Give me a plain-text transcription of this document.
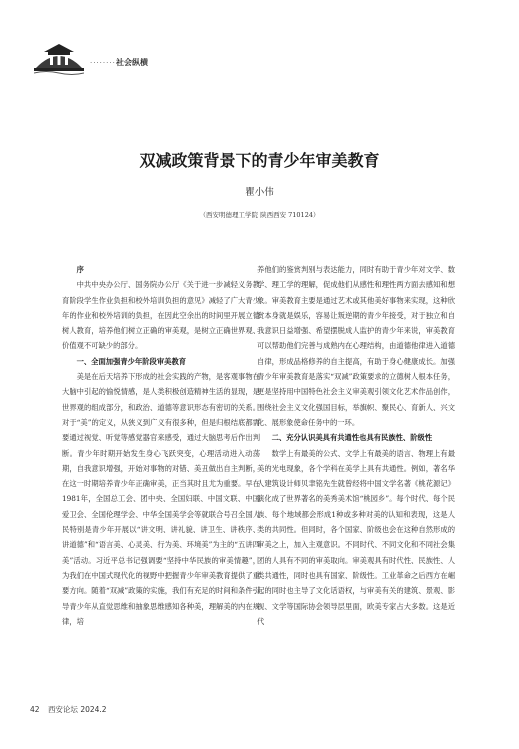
··········
社会纵横
双减政策背景下的青少年审美教育
瞿小伟
（西安明德理工学院 陕西西安 710124）

序

中共中央办公厅、国务院办公厅《关于进一步减轻义务教育阶段学生作业负担和校外培训负担的意见》减轻了广大青少年的作业和校外培训的负担，在因此空余出的时间里开展立德树人教育，培养他们树立正确的审美观，是树立正确世界观、价值观不可缺少的部分。

一、全面加强青少年阶段审美教育

美是在后天培养下形成的社会实践的产物，是客观事物在大脑中引起的愉悦情感，是人类积极创造精神生活的显现，是世界观的组成部分，和政治、道德等意识形态有密切的关系。对于“美”的定义，从狭义到广义有很多种，但是归根结底都需要通过视觉、听觉等感觉器官来感受，通过大脑思考后作出判断。青少年时期开始发生身心飞跃突变，心理活动进入动荡期，自我意识增强，开始对事物的对错、美丑做出自主判断，在这一时期培养青少年正确审美，正当其时且尤为重要。早在1981年，全国总工会、团中央、全国妇联、中国文联、中国爱卫会、全国伦理学会、中华全国美学会等就联合号召全国人民特别是青少年开展以“讲文明、讲礼貌、讲卫生、讲秩序、讲道德”和“语言美、心灵美、行为美、环境美”为主的“五讲四美”活动。习近平总书记强调要“坚持中华民族的审美情趣”，为我们在中国式现代化的视野中把握青少年审美教育提供了重要方向。随着“双减”政策的实施，我们有充足的时间和条件引导青少年从直觉思维和抽象思维感知各种美，理解美的内在规律，培

养他们的鉴赏判别与表达能力，同时有助于青少年对文学、数学、理工学的理解，促成他们从感性和理性两方面去感知和想象。审美教育主要是通过艺术或其他美好事物来实现，这种欣赏本身就是娱乐，容易让叛逆期的青少年接受，对于独立和自我意识日益增强、希望摆脱成人监护的青少年来说，审美教育可以帮助他们完善与成熟内在心理结构，由道德他律进入道德自律，形成品格修养的自主提高，有助于身心健康成长。加强青少年审美教育是落实“双减”政策要求的立德树人根本任务，更是坚持用中国特色社会主义审美观引领文化艺术作品创作，围绕社会主义文化强国目标，举旗帜、聚民心、育新人、兴文化、展形象使命任务中的一环。

二、充分认识美具有共通性也具有民族性、阶级性

数学上有最美的公式、文学上有最美的语言、物理上有最美的光电现象，各个学科在美学上具有共通性。例如，著名华人建筑设计师贝聿铭先生就曾经将中国文学名著《桃花源记》演化成了世界著名的美秀美术馆“桃园乡”。每个时代、每个民族、每个地域都会形成1种或多种对美的认知和表现，这是人类的共同性。但同时，各个国家、阶级也会在这种自然形成的审美之上，加入主观意识。不同时代、不同文化和不同社会集团的人具有不同的审美取向。审美观具有时代性、民族性、人类共通性，同时也具有国家、阶级性。工业革命之后西方在崛起的同时也主导了文化话语权，与审美有关的建筑、景观、影视、文学等国际协会领导层里面，欧美专家占大多数。这是近代

42 西安论坛 2024.2
